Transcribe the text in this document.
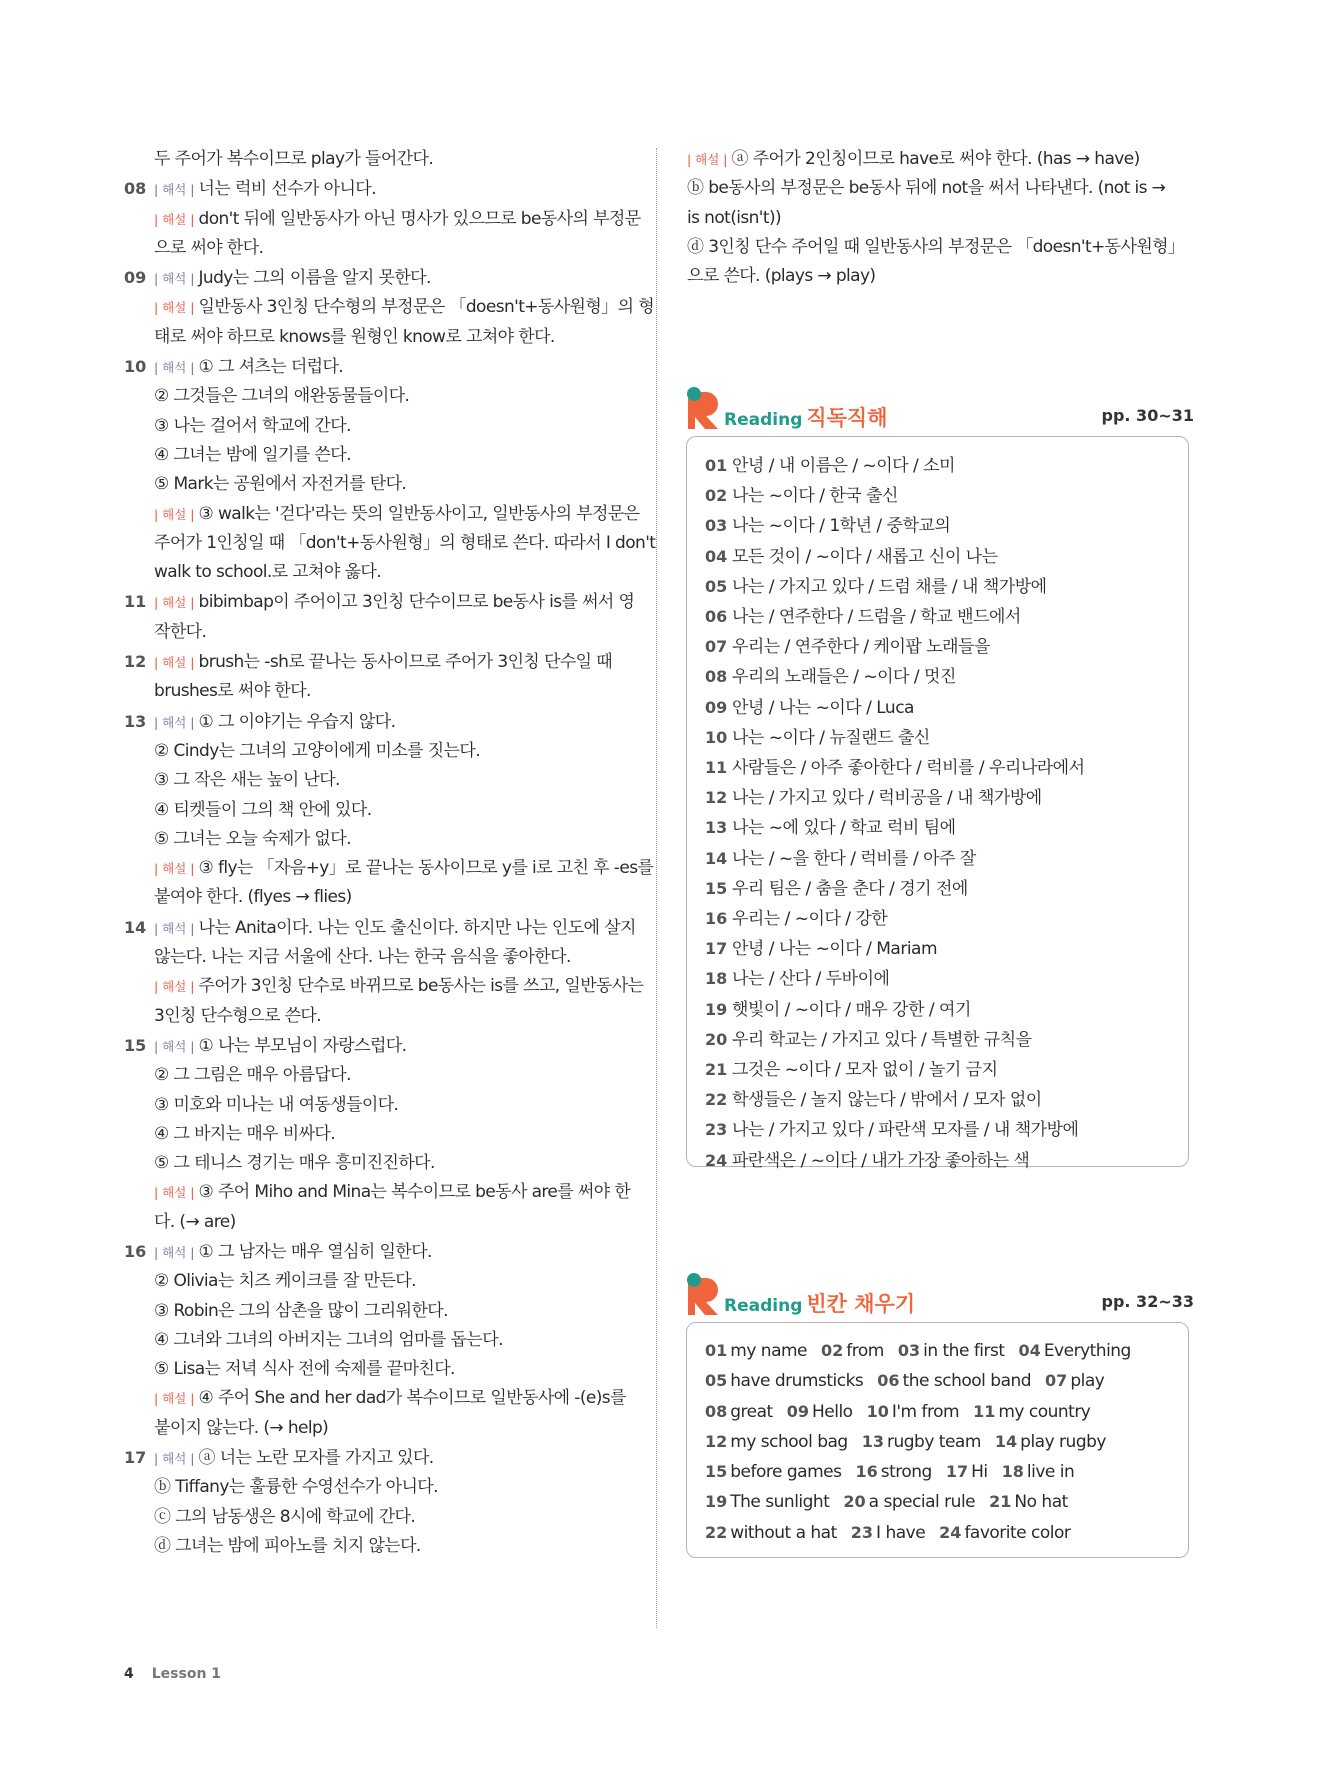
두 주어가 복수이므로 play가 들어간다.
08 | 해석 | 너는 럭비 선수가 아니다.
| 해설 | don't 뒤에 일반동사가 아닌 명사가 있으므로 be동사의 부정문
으로 써야 한다.
09 | 해석 | Judy는 그의 이름을 알지 못한다.
| 해설 | 일반동사 3인칭 단수형의 부정문은 「doesn't+동사원형」의 형
태로 써야 하므로 knows를 원형인 know로 고쳐야 한다.
10 | 해석 | ① 그 셔츠는 더럽다.
② 그것들은 그녀의 애완동물들이다.
③ 나는 걸어서 학교에 간다.
④ 그녀는 밤에 일기를 쓴다.
⑤ Mark는 공원에서 자전거를 탄다.
| 해설 | ③ walk는 '걷다'라는 뜻의 일반동사이고, 일반동사의 부정문은
주어가 1인칭일 때 「don't+동사원형」의 형태로 쓴다. 따라서 I don't
walk to school.로 고쳐야 옳다.
11 | 해설 | bibimbap이 주어이고 3인칭 단수이므로 be동사 is를 써서 영
작한다.
12 | 해설 | brush는 -sh로 끝나는 동사이므로 주어가 3인칭 단수일 때
brushes로 써야 한다.
13 | 해석 | ① 그 이야기는 우습지 않다.
② Cindy는 그녀의 고양이에게 미소를 짓는다.
③ 그 작은 새는 높이 난다.
④ 티켓들이 그의 책 안에 있다.
⑤ 그녀는 오늘 숙제가 없다.
| 해설 | ③ fly는 「자음+y」로 끝나는 동사이므로 y를 i로 고친 후 -es를
붙여야 한다. (flyes → flies)
14 | 해석 | 나는 Anita이다. 나는 인도 출신이다. 하지만 나는 인도에 살지
않는다. 나는 지금 서울에 산다. 나는 한국 음식을 좋아한다.
| 해설 | 주어가 3인칭 단수로 바뀌므로 be동사는 is를 쓰고, 일반동사는
3인칭 단수형으로 쓴다.
15 | 해석 | ① 나는 부모님이 자랑스럽다.
② 그 그림은 매우 아름답다.
③ 미호와 미나는 내 여동생들이다.
④ 그 바지는 매우 비싸다.
⑤ 그 테니스 경기는 매우 흥미진진하다.
| 해설 | ③ 주어 Miho and Mina는 복수이므로 be동사 are를 써야 한
다. (→ are)
16 | 해석 | ① 그 남자는 매우 열심히 일한다.
② Olivia는 치즈 케이크를 잘 만든다.
③ Robin은 그의 삼촌을 많이 그리워한다.
④ 그녀와 그녀의 아버지는 그녀의 엄마를 돕는다.
⑤ Lisa는 저녁 식사 전에 숙제를 끝마친다.
| 해설 | ④ 주어 She and her dad가 복수이므로 일반동사에 -(e)s를
붙이지 않는다. (→ help)
17 | 해석 | ⓐ 너는 노란 모자를 가지고 있다.
ⓑ Tiffany는 훌륭한 수영선수가 아니다.
ⓒ 그의 남동생은 8시에 학교에 간다.
ⓓ 그녀는 밤에 피아노를 치지 않는다.
| 해설 | ⓐ 주어가 2인칭이므로 have로 써야 한다. (has → have)
ⓑ be동사의 부정문은 be동사 뒤에 not을 써서 나타낸다. (not is →
is not(isn't))
ⓓ 3인칭 단수 주어일 때 일반동사의 부정문은 「doesn't+동사원형」
으로 쓴다. (plays → play)
Reading 직독직해	pp. 30~31
01 안녕 / 내 이름은 / ~이다 / 소미
02 나는 ~이다 / 한국 출신
03 나는 ~이다 / 1학년 / 중학교의
04 모든 것이 / ~이다 / 새롭고 신이 나는
05 나는 / 가지고 있다 / 드럼 채를 / 내 책가방에
06 나는 / 연주한다 / 드럼을 / 학교 밴드에서
07 우리는 / 연주한다 / 케이팝 노래들을
08 우리의 노래들은 / ~이다 / 멋진
09 안녕 / 나는 ~이다 / Luca
10 나는 ~이다 / 뉴질랜드 출신
11 사람들은 / 아주 좋아한다 / 럭비를 / 우리나라에서
12 나는 / 가지고 있다 / 럭비공을 / 내 책가방에
13 나는 ~에 있다 / 학교 럭비 팀에
14 나는 / ~을 한다 / 럭비를 / 아주 잘
15 우리 팀은 / 춤을 춘다 / 경기 전에
16 우리는 / ~이다 / 강한
17 안녕 / 나는 ~이다 / Mariam
18 나는 / 산다 / 두바이에
19 햇빛이 / ~이다 / 매우 강한 / 여기
20 우리 학교는 / 가지고 있다 / 특별한 규칙을
21 그것은 ~이다 / 모자 없이 / 놀기 금지
22 학생들은 / 놀지 않는다 / 밖에서 / 모자 없이
23 나는 / 가지고 있다 / 파란색 모자를 / 내 책가방에
24 파란색은 / ~이다 / 내가 가장 좋아하는 색
Reading 빈칸 채우기	pp. 32~33
01 my name 02 from 03 in the first 04 Everything
05 have drumsticks 06 the school band 07 play
08 great 09 Hello 10 I'm from 11 my country
12 my school bag 13 rugby team 14 play rugby
15 before games 16 strong 17 Hi 18 live in
19 The sunlight 20 a special rule 21 No hat
22 without a hat 23 I have 24 favorite color
4 Lesson 1
